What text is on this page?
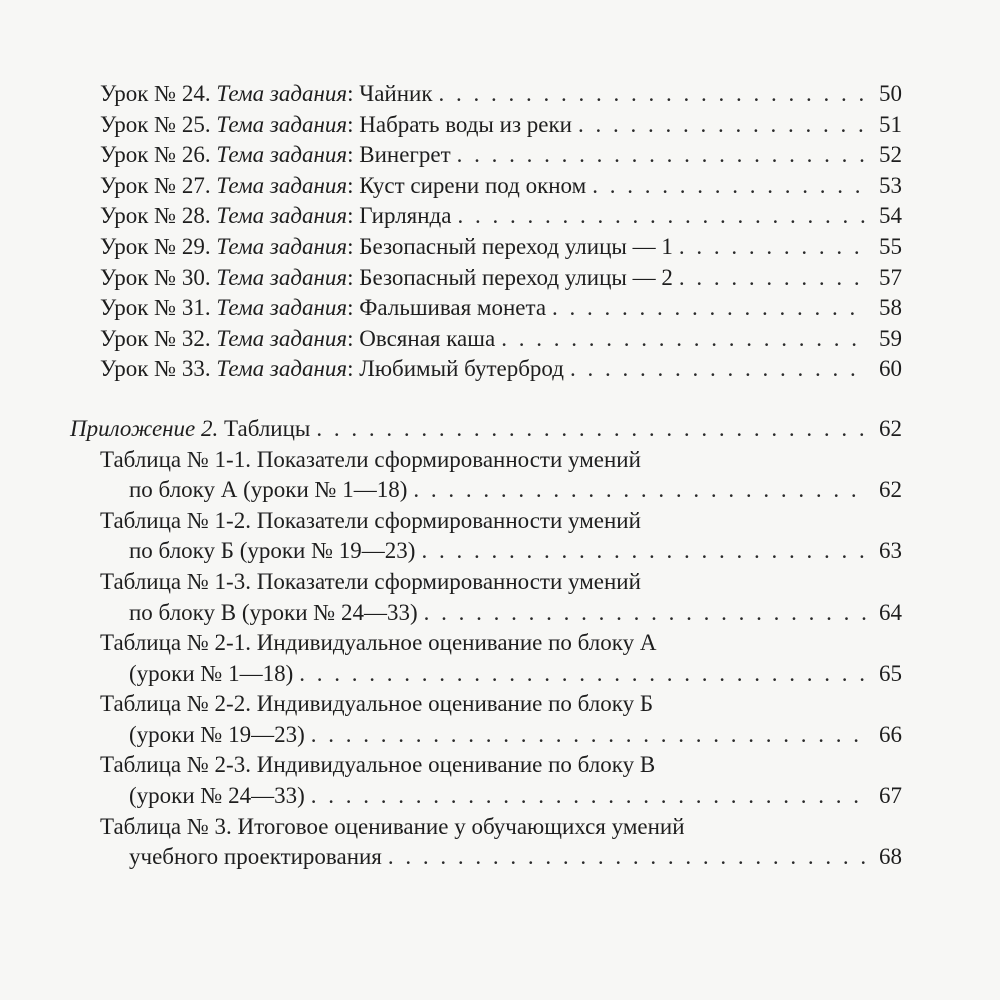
Урок № 24. Тема задания: Чайник . . .	50
Урок № 25. Тема задания: Набрать воды из реки . . .	51
Урок № 26. Тема задания: Винегрет . . .	52
Урок № 27. Тема задания: Куст сирени под окном . . .	53
Урок № 28. Тема задания: Гирлянда . . .	54
Урок № 29. Тема задания: Безопасный переход улицы — 1 . . .	55
Урок № 30. Тема задания: Безопасный переход улицы — 2 . . .	57
Урок № 31. Тема задания: Фальшивая монета . . .	58
Урок № 32. Тема задания: Овсяная каша . . .	59
Урок № 33. Тема задания: Любимый бутерброд . . .	60
Приложение 2. Таблицы . . .	62
Таблица № 1-1. Показатели сформированности умений
по блоку А (уроки № 1—18) . . .	62
Таблица № 1-2. Показатели сформированности умений
по блоку Б (уроки № 19—23) . . .	63
Таблица № 1-3. Показатели сформированности умений
по блоку В (уроки № 24—33) . . .	64
Таблица № 2-1. Индивидуальное оценивание по блоку А
(уроки № 1—18) . . .	65
Таблица № 2-2. Индивидуальное оценивание по блоку Б
(уроки № 19—23) . . .	66
Таблица № 2-3. Индивидуальное оценивание по блоку В
(уроки № 24—33) . . .	67
Таблица № 3. Итоговое оценивание у обучающихся умений
учебного проектирования . . .	68
